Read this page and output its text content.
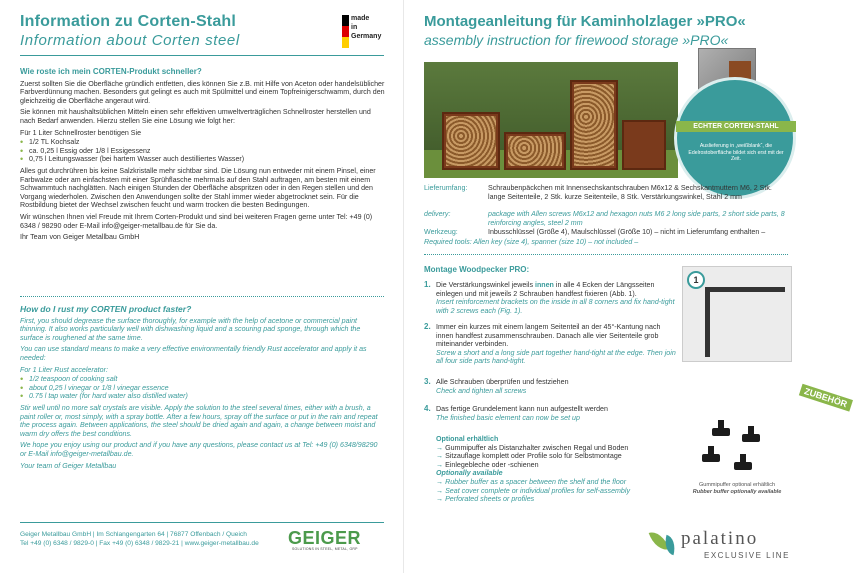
Information zu Corten-Stahl
Information about Corten steel
made
in
Germany

Wie roste ich mein CORTEN-Produkt schneller?

Zuerst sollten Sie die Oberfläche gründlich entfetten, dies können Sie z.B. mit Hilfe von Aceton oder handelsüblicher Farbverdünnung machen. Besonders gut gelingt es auch mit Spülmittel und einem Topfreinigerschwamm, durch den gleichzeitig die Oberfläche angeraut wird.

Sie können mit haushaltsüblichen Mitteln einen sehr effektiven umweltverträglichen Schnellroster herstellen und nach Bedarf anwenden. Hierzu stellen Sie eine Lösung wie folgt her:

Für 1 Liter Schnellroster benötigen Sie
• 1/2 TL Kochsalz
• ca. 0,25 l Essig oder 1/8 l Essigessenz
• 0,75 l Leitungswasser (bei hartem Wasser auch destilliertes Wasser)

Alles gut durchrühren bis keine Salzkristalle mehr sichtbar sind. Die Lösung nun entweder mit einem Pinsel, einer Farbwalze oder am einfachsten mit einer Sprühflasche mehrmals auf den Stahl auftragen, am besten mit einem Schwammtuch nachglätten. Nach einigen Stunden der Oberfläche abspritzen oder in den Regen stellen und den Vorgang wiederholen. Zwischen den Anwendungen sollte der Stahl immer wieder abgetrocknet sein. Für die Rostbildung bietet der Wechsel zwischen feucht und warm trocken die besten Bedingungen.

Wir wünschen Ihnen viel Freude mit Ihrem Corten-Produkt und sind bei weiteren Fragen gerne unter Tel: +49 (0) 6348 / 98290 oder E-Mail info@geiger-metallbau.de für Sie da.

Ihr Team von Geiger Metallbau GmbH

How do I rust my CORTEN product faster?

First, you should degrease the surface thoroughly, for example with the help of acetone or commercial paint thinning. It also works particularly well with dishwashing liquid and a scouring pad sponge, through which the surface is roughened at the same time.

You can use standard means to make a very effective environmentally friendly Rust accelerator and apply it as needed:

For 1 Liter Rust accelerator:
• 1/2 teaspoon of cooking salt
• about 0,25 l vinegar or 1/8 l vinegar essence
• 0.75 l tap water (for hard water also distilled water)

Stir well until no more salt crystals are visible. Apply the solution to the steel several times, either with a brush, a paint roller or, most simply, with a spray bottle. After a few hours, spray off the surface or put in the rain and repeat the process again. Between applications, the steel should be dried again and again, a change between moist and warm dry offers the best conditions.

We hope you enjoy using our product and if you have any questions, please contact us at Tel: +49 (0) 6348/98290 or E-Mail info@geiger-metallbau.de.

Your team of Geiger Metallbau

Geiger Metallbau GmbH | Im Schlangengarten 64 | 76877 Offenbach / Queich
Tel +49 (0) 6348 / 9829-0 | Fax +49 (0) 6348 / 9829-21 | www.geiger-metallbau.de GEIGER
SOLUTIONS IN STEEL, METAL, GRP
Montageanleitung für Kaminholzlager »PRO«
assembly instruction for firewood storage »PRO«
ECHTER CORTEN-STAHL
Auslieferung in „weißblank“, die Edelrostoberfläche bildet sich erst mit der Zeit.
Lieferumfang:	Schraubenpäckchen mit Innensechskantschrauben M6x12 & Sechskantmuttern M6, 2 Stk. lange Seitenteile, 2 Stk. kurze Seitenteile, 8 Stk. Verstärkungswinkel, Stahl 2 mm
delivery:	package with Allen screws M6x12 and hexagon nuts M6 2 long side parts, 2 short side parts, 8 reinforcing angles, steel 2 mm
Werkzeug:	Inbusschlüssel (Größe 4), Maulschlüssel (Größe 10) – nicht im Lieferumfang enthalten –
Required tools: Allen key (size 4), spanner (size 10) – not included –
Montage Woodpecker PRO:
1. Die Verstärkungswinkel jeweils innen in alle 4 Ecken der Längsseiten einlegen und mit jeweils 2 Schrauben handfest fixieren (Abb. 1).
Insert reinforcement brackets on the inside in all 8 corners and fix hand-tight with 2 screws each (Fig. 1).
2. Immer ein kurzes mit einem langem Seitenteil an der 45°-Kantung nach innen handfest zusammenschrauben. Danach alle vier Seitenteile grob miteinander verbinden.
Screw a short and a long side part together hand-tight at the edge. Then join all four side parts hand-tight.
3. Alle Schrauben überprüfen und festziehen
Check and tighten all screws
4. Das fertige Grundelement kann nun aufgestellt werden
The finished basic element can now be set up
Optional erhältlich
→ Gummipuffer als Distanzhalter zwischen Regal und Boden
→ Sitzauflage komplett oder Profile solo für Selbstmontage
→ Einlegebleche oder -schienen
Optionally available
→ Rubber buffer as a spacer between the shelf and the floor
→ Seat cover complete or individual profiles for self-assembly
→ Perforated sheets or profiles
1
ZUBEHÖR
Gummipuffer optional erhältlich
Rubber buffer optionally available
palatino
EXCLUSIVE LINE
